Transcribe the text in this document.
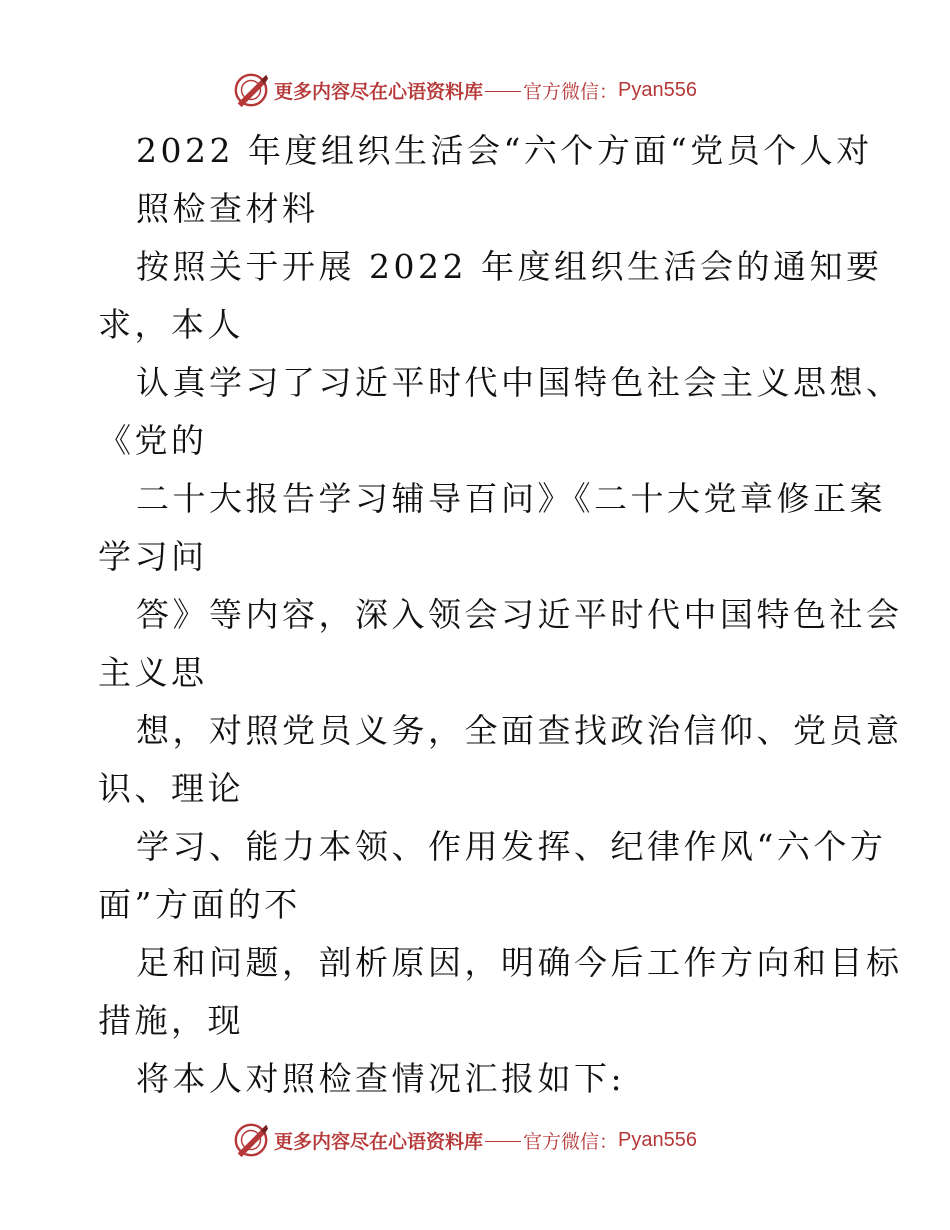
更多内容尽在心语资料库 官方微信： Pyan556
2022 年度组织生活会“六个方面“党员个人对
照检查材料
按照关于开展 2022 年度组织生活会的通知要
求，本人
认真学习了习近平时代中国特色社会主义思想、
《党的
二十大报告学习辅导百问》《二十大党章修正案
学习问
答》等内容，深入领会习近平时代中国特色社会
主义思
想，对照党员义务，全面查找政治信仰、党员意
识、理论
学习、能力本领、作用发挥、纪律作风“六个方
面”方面的不
足和问题，剖析原因，明确今后工作方向和目标
措施，现
将本人对照检查情况汇报如下:
更多内容尽在心语资料库 官方微信： Pyan556
